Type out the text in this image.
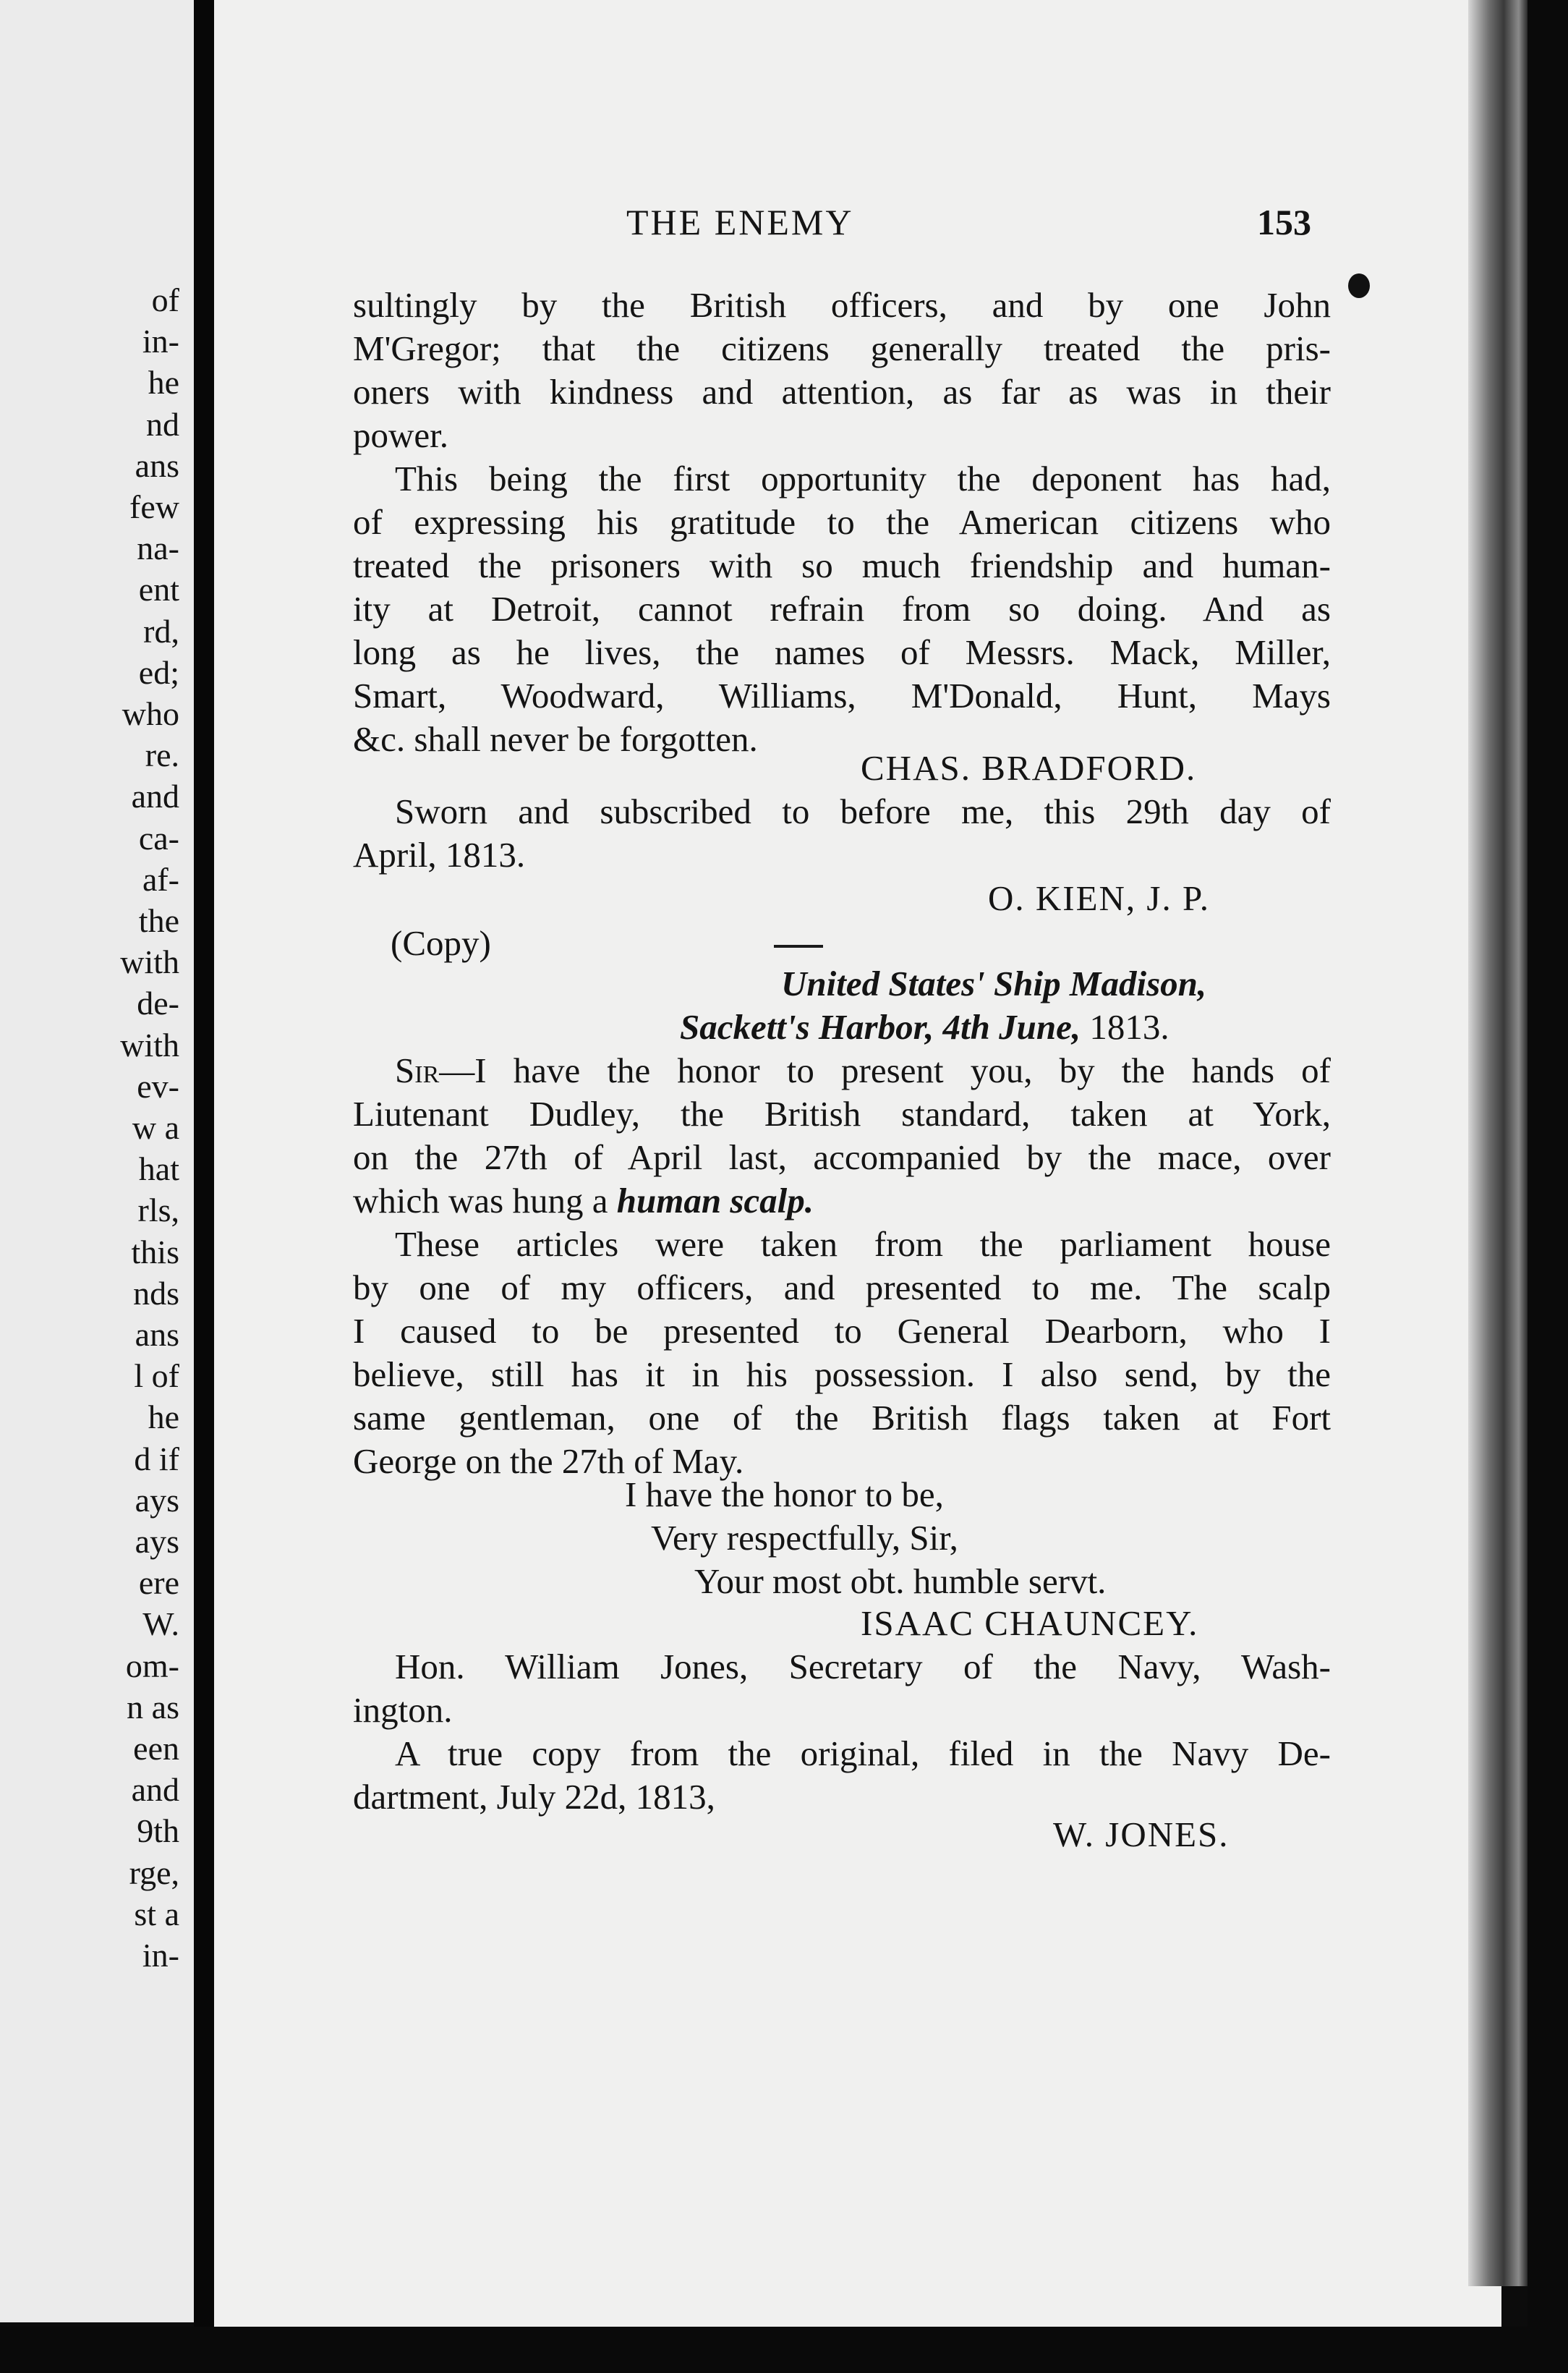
of
in-
he
nd
ans
few
na-
ent
rd,
ed;
who
re.
and
ca-
af-
the
with
de-
with
ev-
w a
hat
rls,
this
nds
ans
l of
he
d if
ays
ays
ere
W.
om-
n as
een
and
9th
rge,
st a
in-
THE ENEMY	153
sultingly by the British officers, and by one John
M'Gregor; that the citizens generally treated the pris-
oners with kindness and attention, as far as was in their
power.
This being the first opportunity the deponent has had,
of expressing his gratitude to the American citizens who
treated the prisoners with so much friendship and human-
ity at Detroit, cannot refrain from so doing. And as
long as he lives, the names of Messrs. Mack, Miller,
Smart, Woodward, Williams, M'Donald, Hunt, Mays
&c. shall never be forgotten.
CHAS. BRADFORD.
Sworn and subscribed to before me, this 29th day of
April, 1813.
O. KIEN, J. P.
(Copy)
United States' Ship Madison,
Sackett's Harbor, 4th June, 1813.
Sir—I have the honor to present you, by the hands of
Liutenant Dudley, the British standard, taken at York,
on the 27th of April last, accompanied by the mace, over
which was hung a human scalp.
These articles were taken from the parliament house
by one of my officers, and presented to me. The scalp
I caused to be presented to General Dearborn, who I
believe, still has it in his possession. I also send, by the
same gentleman, one of the British flags taken at Fort
George on the 27th of May.
I have the honor to be,
Very respectfully, Sir,
Your most obt. humble servt.
ISAAC CHAUNCEY.
Hon. William Jones, Secretary of the Navy, Wash-
ington.
A true copy from the original, filed in the Navy De-
dartment, July 22d, 1813,
W. JONES.
